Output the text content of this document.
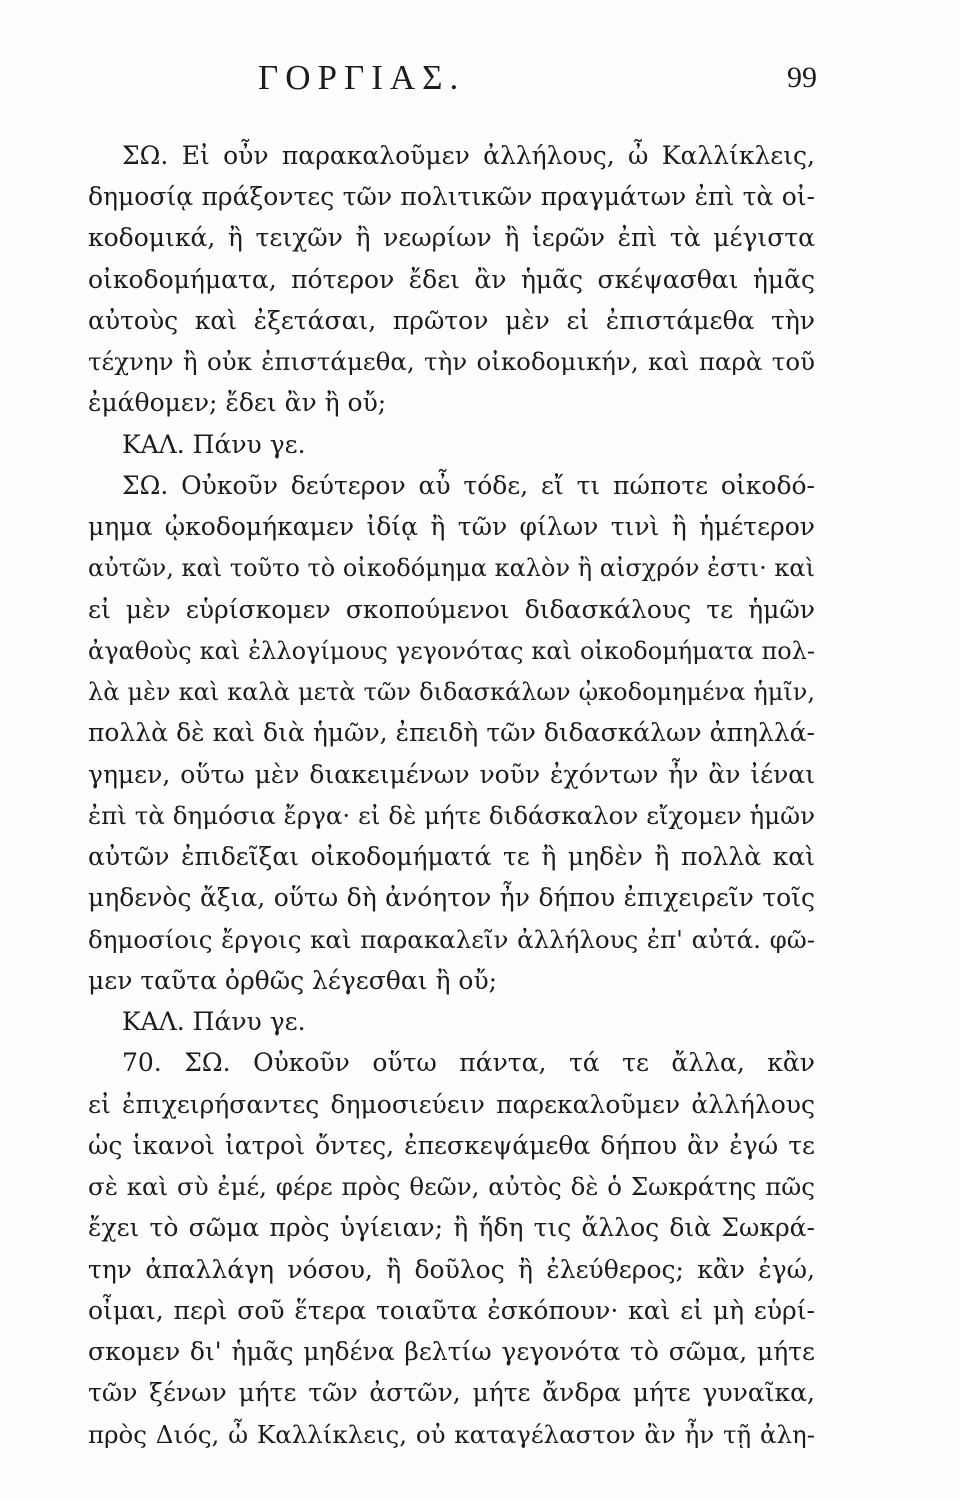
ΓΟΡΓΙΑΣ.	99
ΣΩ. Εἰ οὖν παρακαλοῦμεν ἀλλήλους, ὦ Καλλίκλεις,
δημοσίᾳ πράξοντες τῶν πολιτικῶν πραγμάτων ἐπὶ τὰ οἰ-
κοδομικά, ἢ τειχῶν ἢ νεωρίων ἢ ἱερῶν ἐπὶ τὰ μέγιστα
οἰκοδομήματα, πότερον ἔδει ἂν ἡμᾶς σκέψασθαι ἡμᾶς
αὐτοὺς καὶ ἐξετάσαι, πρῶτον μὲν εἰ ἐπιστάμεθα τὴν
τέχνην ἢ οὐκ ἐπιστάμεθα, τὴν οἰκοδομικήν, καὶ παρὰ τοῦ
ἐμάθομεν; ἔδει ἂν ἢ οὔ;
ΚΑΛ. Πάνυ γε.
ΣΩ. Οὐκοῦν δεύτερον αὖ τόδε, εἴ τι πώποτε οἰκοδό-
μημα ᾠκοδομήκαμεν ἰδίᾳ ἢ τῶν φίλων τινὶ ἢ ἡμέτερον
αὐτῶν, καὶ τοῦτο τὸ οἰκοδόμημα καλὸν ἢ αἰσχρόν ἐστι· καὶ
εἰ μὲν εὑρίσκομεν σκοπούμενοι διδασκάλους τε ἡμῶν
ἀγαθοὺς καὶ ἐλλογίμους γεγονότας καὶ οἰκοδομήματα πολ-
λὰ μὲν καὶ καλὰ μετὰ τῶν διδασκάλων ᾠκοδομημένα ἡμῖν,
πολλὰ δὲ καὶ διὰ ἡμῶν, ἐπειδὴ τῶν διδασκάλων ἀπηλλά-
γημεν, οὕτω μὲν διακειμένων νοῦν ἐχόντων ἦν ἂν ἰέναι
ἐπὶ τὰ δημόσια ἔργα· εἰ δὲ μήτε διδάσκαλον εἴχομεν ἡμῶν
αὐτῶν ἐπιδεῖξαι οἰκοδομήματά τε ἢ μηδὲν ἢ πολλὰ καὶ
μηδενὸς ἄξια, οὕτω δὴ ἀνόητον ἦν δήπου ἐπιχειρεῖν τοῖς
δημοσίοις ἔργοις καὶ παρακαλεῖν ἀλλήλους ἐπ' αὐτά. φῶ-
μεν ταῦτα ὀρθῶς λέγεσθαι ἢ οὔ;
ΚΑΛ. Πάνυ γε.
70. ΣΩ. Οὐκοῦν οὕτω πάντα, τά τε ἄλλα, κἂν
εἰ ἐπιχειρήσαντες δημοσιεύειν παρεκαλοῦμεν ἀλλήλους
ὡς ἱκανοὶ ἰατροὶ ὄντες, ἐπεσκεψάμεθα δήπου ἂν ἐγώ τε
σὲ καὶ σὺ ἐμέ, φέρε πρὸς θεῶν, αὐτὸς δὲ ὁ Σωκράτης πῶς
ἔχει τὸ σῶμα πρὸς ὑγίειαν; ἢ ἤδη τις ἄλλος διὰ Σωκρά-
την ἀπαλλάγη νόσου, ἢ δοῦλος ἢ ἐλεύθερος; κἂν ἐγώ,
οἶμαι, περὶ σοῦ ἕτερα τοιαῦτα ἐσκόπουν· καὶ εἰ μὴ εὑρί-
σκομεν δι' ἡμᾶς μηδένα βελτίω γεγονότα τὸ σῶμα, μήτε
τῶν ξένων μήτε τῶν ἀστῶν, μήτε ἄνδρα μήτε γυναῖκα,
πρὸς Διός, ὦ Καλλίκλεις, οὐ καταγέλαστον ἂν ἦν τῇ ἀλη-
